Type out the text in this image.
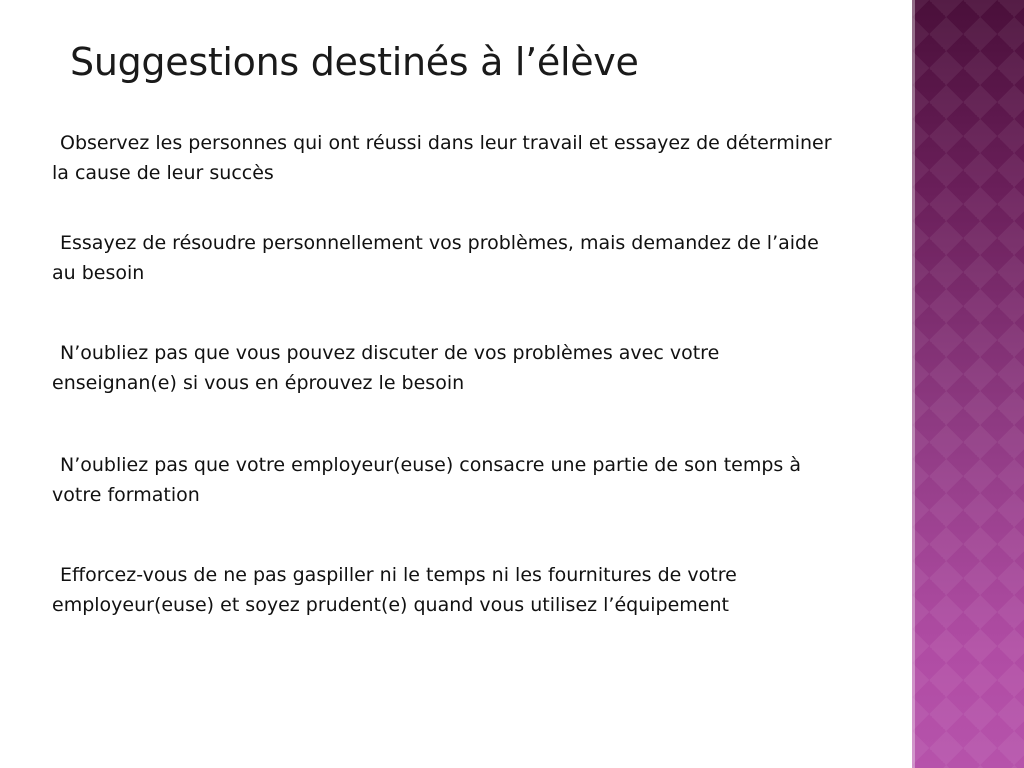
Suggestions destinés à l’élève
Observez les personnes qui ont réussi dans leur travail et essayez de déterminer la cause de leur succès
Essayez de résoudre personnellement vos problèmes, mais demandez de l’aide au besoin
N’oubliez pas que vous pouvez discuter de vos problèmes avec votre enseignan(e) si vous en éprouvez le besoin
N’oubliez pas que votre employeur(euse) consacre une partie de son temps à votre formation
Efforcez-vous de ne pas gaspiller ni le temps ni les fournitures de votre employeur(euse) et soyez prudent(e) quand vous utilisez l’équipement
